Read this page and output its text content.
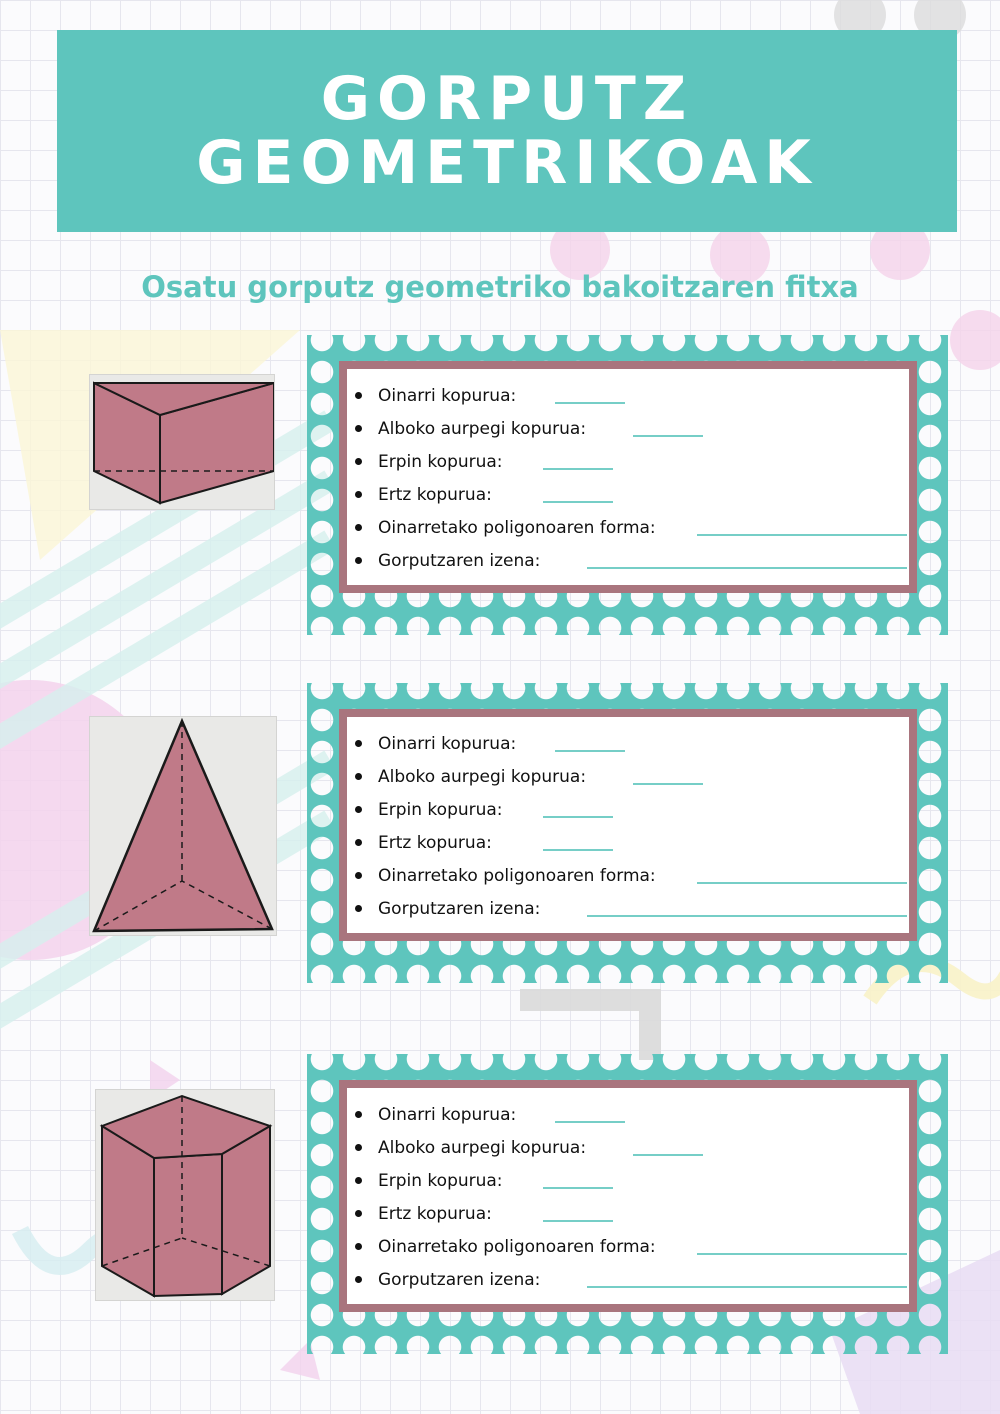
GORPUTZ
GEOMETRIKOAK
Osatu gorputz geometriko bakoitzaren fitxa
Oinarri kopurua:
Alboko aurpegi kopurua:
Erpin kopurua:
Ertz kopurua:
Oinarretako poligonoaren forma:
Gorputzaren izena:
Oinarri kopurua:
Alboko aurpegi kopurua:
Erpin kopurua:
Ertz kopurua:
Oinarretako poligonoaren forma:
Gorputzaren izena:
Oinarri kopurua:
Alboko aurpegi kopurua:
Erpin kopurua:
Ertz kopurua:
Oinarretako poligonoaren forma:
Gorputzaren izena:
